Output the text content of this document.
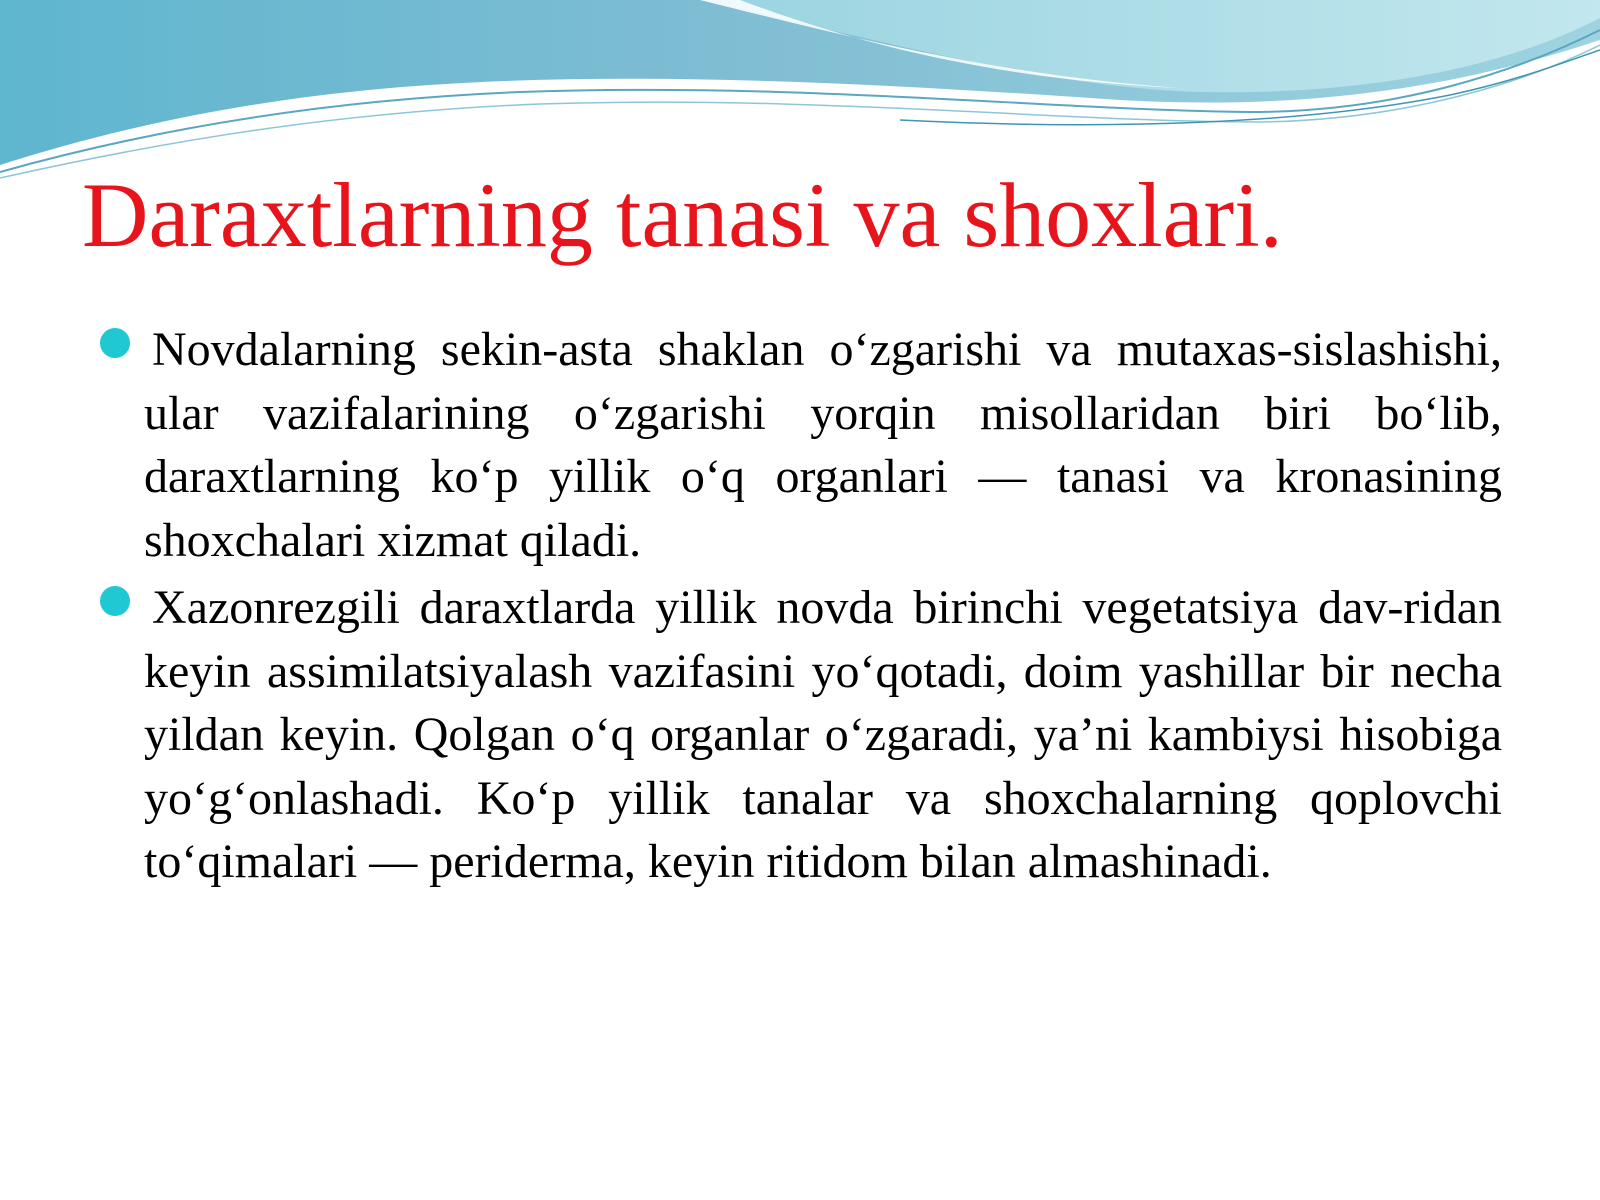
Daraxtlarning tanasi va shoxlari.
Novdalarning sekin-asta shaklan o‘zgarishi va mutaxas-sislashishi, ular vazifalarining o‘zgarishi yorqin misollaridan biri bo‘lib, daraxtlarning ko‘p yillik o‘q organlari — tanasi va kronasining shoxchalari xizmat qiladi.
Xazonrezgili daraxtlarda yillik novda birinchi vegetatsiya dav-ridan keyin assimilatsiyalash vazifasini yo‘qotadi, doim yashillar bir necha yildan keyin. Qolgan o‘q organlar o‘zgaradi, ya’ni kambiysi hisobiga yo‘g‘onlashadi. Ko‘p yillik tanalar va shoxchalarning qoplovchi to‘qimalari — periderma, keyin ritidom bilan almashinadi.
